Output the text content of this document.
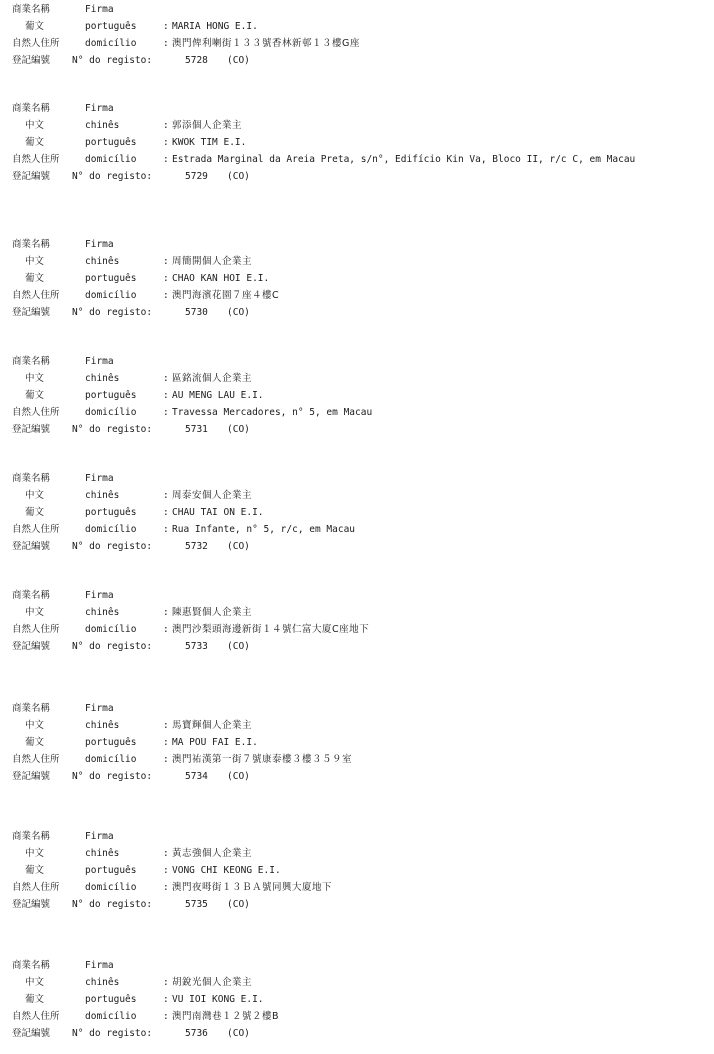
商業名稱	Firma
葡文	português	: MARIA HONG E.I.
自然人住所	domicílio	: 澳門俾利喇街１３３號香林新邨１３樓G座
登記編號 N° do registo:	5728 (CO)
商業名稱	Firma
中文	chinês	: 郭添個人企業主
葡文	português	: KWOK TIM E.I.
自然人住所	domicílio	: Estrada Marginal da Areia Preta, s/n°, Edifício Kin Va, Bloco II, r/c C, em Macau
登記編號 N° do registo:	5729 (CO)
商業名稱	Firma
中文	chinês	: 周簡開個人企業主
葡文	português	: CHAO KAN HOI E.I.
自然人住所	domicílio	: 澳門海濱花園７座４樓C
登記編號 N° do registo:	5730 (CO)
商業名稱	Firma
中文	chinês	: 區銘流個人企業主
葡文	português	: AU MENG LAU E.I.
自然人住所	domicílio	: Travessa Mercadores, n° 5, em Macau
登記編號 N° do registo:	5731 (CO)
商業名稱	Firma
中文	chinês	: 周泰安個人企業主
葡文	português	: CHAU TAI ON E.I.
自然人住所	domicílio	: Rua Infante, n° 5, r/c, em Macau
登記編號 N° do registo:	5732 (CO)
商業名稱	Firma
中文	chinês	: 陳惠賢個人企業主
自然人住所	domicílio	: 澳門沙梨頭海邊新街１４號仁富大廈C座地下
登記編號 N° do registo:	5733 (CO)
商業名稱	Firma
中文	chinês	: 馬寶輝個人企業主
葡文	português	: MA POU FAI E.I.
自然人住所	domicílio	: 澳門祐漢第一街７號康泰樓３樓３５９室
登記編號 N° do registo:	5734 (CO)
商業名稱	Firma
中文	chinês	: 黃志強個人企業主
葡文	português	: VONG CHI KEONG E.I.
自然人住所	domicílio	: 澳門夜呣街１３ＢＡ號同興大廈地下
登記編號 N° do registo:	5735 (CO)
商業名稱	Firma
中文	chinês	: 胡銳光個人企業主
葡文	português	: VU IOI KONG E.I.
自然人住所	domicílio	: 澳門南灣巷１２號２樓B
登記編號 N° do registo:	5736 (CO)
